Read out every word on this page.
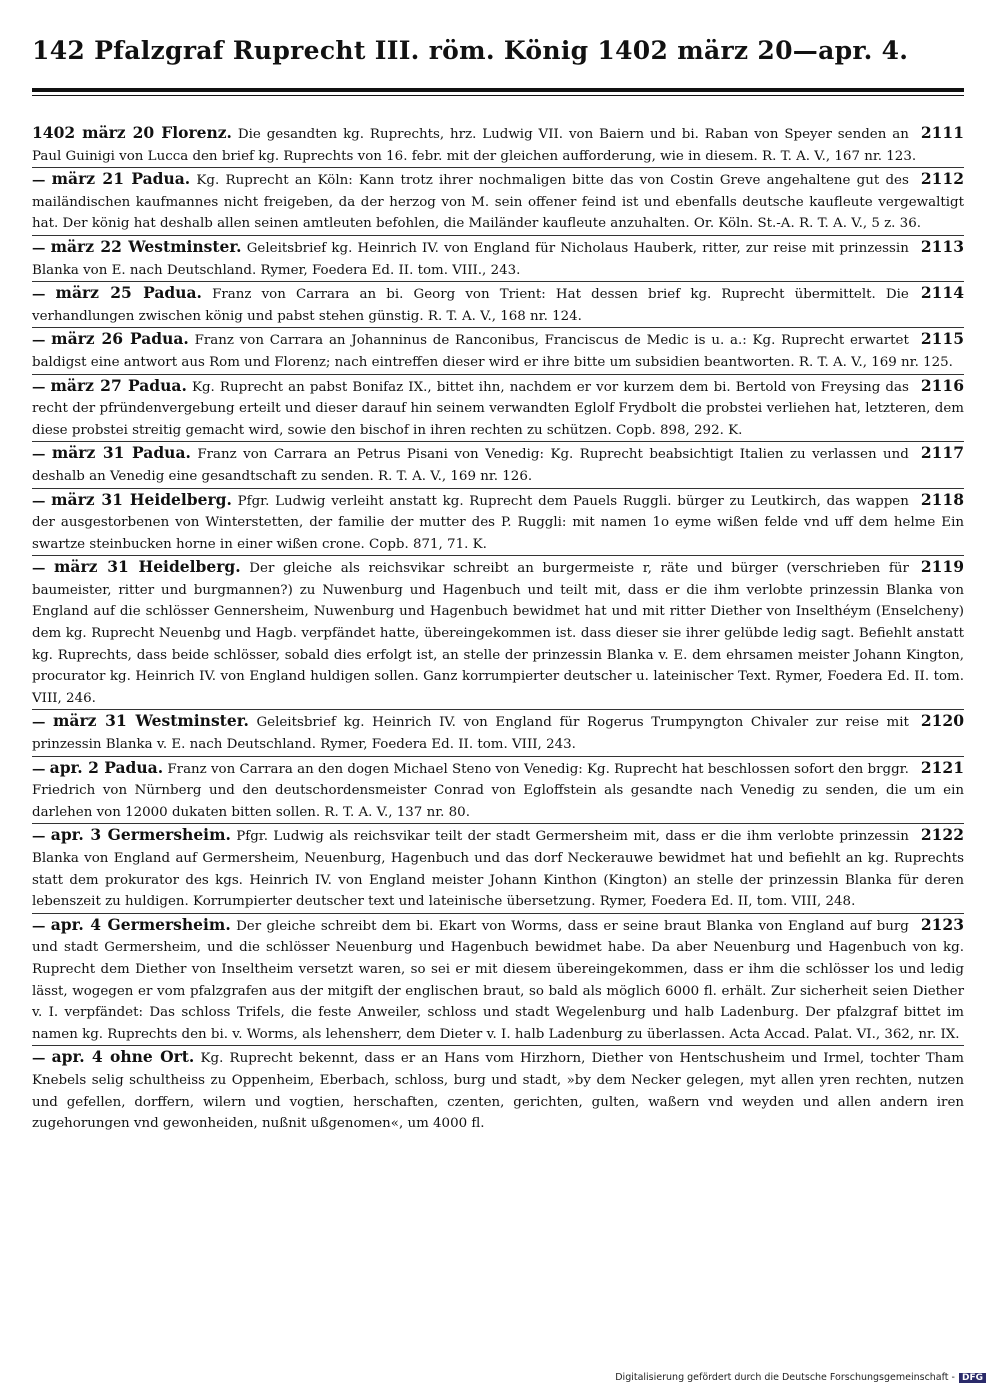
142 Pfalzgraf Ruprecht III. röm. König 1402 märz 20—apr. 4.

2111
1402 märz 20 Florenz. Die gesandten kg. Ruprechts, hrz. Ludwig VII. von Baiern und bi. Raban von Speyer senden an Paul Guinigi von Lucca den brief kg. Ruprechts von 16. febr. mit der gleichen aufforderung, wie in diesem. R. T. A. V., 167 nr. 123.

2112
— märz 21 Padua. Kg. Ruprecht an Köln: Kann trotz ihrer nochmaligen bitte das von Costin Greve angehaltene gut des mailändischen kaufmannes nicht freigeben, da der herzog von M. sein offener feind ist und ebenfalls deutsche kaufleute vergewaltigt hat. Der könig hat deshalb allen seinen amtleuten befohlen, die Mailänder kaufleute anzuhalten. Or. Köln. St.-A. R. T. A. V., 5 z. 36.

2113
— märz 22 Westminster. Geleitsbrief kg. Heinrich IV. von England für Nicholaus Hauberk, ritter, zur reise mit prinzessin Blanka von E. nach Deutschland. Rymer, Foedera Ed. II. tom. VIII., 243.

2114
— märz 25 Padua. Franz von Carrara an bi. Georg von Trient: Hat dessen brief kg. Ruprecht übermittelt. Die verhandlungen zwischen könig und pabst stehen günstig. R. T. A. V., 168 nr. 124.

2115
— märz 26 Padua. Franz von Carrara an Johanninus de Ranconibus, Franciscus de Medic is u. a.: Kg. Ruprecht erwartet baldigst eine antwort aus Rom und Florenz; nach eintreffen dieser wird er ihre bitte um subsidien beantworten. R. T. A. V., 169 nr. 125.

2116
— märz 27 Padua. Kg. Ruprecht an pabst Bonifaz IX., bittet ihn, nachdem er vor kurzem dem bi. Bertold von Freysing das recht der pfründenvergebung erteilt und dieser darauf hin seinem verwandten Eglolf Frydbolt die probstei verliehen hat, letzteren, dem diese probstei streitig gemacht wird, sowie den bischof in ihren rechten zu schützen. Copb. 898, 292. K.

2117
— märz 31 Padua. Franz von Carrara an Petrus Pisani von Venedig: Kg. Ruprecht beabsichtigt Italien zu verlassen und deshalb an Venedig eine gesandtschaft zu senden. R. T. A. V., 169 nr. 126.

2118
— märz 31 Heidelberg. Pfgr. Ludwig verleiht anstatt kg. Ruprecht dem Pauels Ruggli. bürger zu Leutkirch, das wappen der ausgestorbenen von Winterstetten, der familie der mutter des P. Ruggli: mit namen 1o eyme wißen felde vnd uff dem helme Ein swartze steinbucken horne in einer wißen crone. Copb. 871, 71. K.

2119
— märz 31 Heidelberg. Der gleiche als reichsvikar schreibt an burgermeiste r, räte und bürger (verschrieben für baumeister, ritter und burgmannen?) zu Nuwenburg und Hagenbuch und teilt mit, dass er die ihm verlobte prinzessin Blanka von England auf die schlösser Gennersheim, Nuwenburg und Hagenbuch bewidmet hat und mit ritter Diether von Inselthéym (Enselcheny) dem kg. Ruprecht Neuenbg und Hagb. verpfändet hatte, übereingekommen ist. dass dieser sie ihrer gelübde ledig sagt. Befiehlt anstatt kg. Ruprechts, dass beide schlösser, sobald dies erfolgt ist, an stelle der prinzessin Blanka v. E. dem ehrsamen meister Johann Kington, procurator kg. Heinrich IV. von England huldigen sollen. Ganz korrumpierter deutscher u. lateinischer Text. Rymer, Foedera Ed. II. tom. VIII, 246.

2120
— märz 31 Westminster. Geleitsbrief kg. Heinrich IV. von England für Rogerus Trumpyngton Chivaler zur reise mit prinzessin Blanka v. E. nach Deutschland. Rymer, Foedera Ed. II. tom. VIII, 243.

2121
— apr. 2 Padua. Franz von Carrara an den dogen Michael Steno von Venedig: Kg. Ruprecht hat beschlossen sofort den brggr. Friedrich von Nürnberg und den deutschordensmeister Conrad von Egloffstein als gesandte nach Venedig zu senden, die um ein darlehen von 12000 dukaten bitten sollen. R. T. A. V., 137 nr. 80.

2122
— apr. 3 Germersheim. Pfgr. Ludwig als reichsvikar teilt der stadt Germersheim mit, dass er die ihm verlobte prinzessin Blanka von England auf Germersheim, Neuenburg, Hagenbuch und das dorf Neckerauwe bewidmet hat und befiehlt an kg. Ruprechts statt dem prokurator des kgs. Heinrich IV. von England meister Johann Kinthon (Kington) an stelle der prinzessin Blanka für deren lebenszeit zu huldigen. Korrumpierter deutscher text und lateinische übersetzung. Rymer, Foedera Ed. II, tom. VIII, 248.

2123
— apr. 4 Germersheim. Der gleiche schreibt dem bi. Ekart von Worms, dass er seine braut Blanka von England auf burg und stadt Germersheim, und die schlösser Neuenburg und Hagenbuch bewidmet habe. Da aber Neuenburg und Hagenbuch von kg. Ruprecht dem Diether von Inseltheim versetzt waren, so sei er mit diesem übereingekommen, dass er ihm die schlösser los und ledig lässt, wogegen er vom pfalzgrafen aus der mitgift der englischen braut, so bald als möglich 6000 fl. erhält. Zur sicherheit seien Diether v. I. verpfändet: Das schloss Trifels, die feste Anweiler, schloss und stadt Wegelenburg und halb Ladenburg. Der pfalzgraf bittet im namen kg. Ruprechts den bi. v. Worms, als lehensherr, dem Dieter v. I. halb Ladenburg zu überlassen. Acta Accad. Palat. VI., 362, nr. IX.

— apr. 4 ohne Ort. Kg. Ruprecht bekennt, dass er an Hans vom Hirzhorn, Diether von Hentschusheim und Irmel, tochter Tham Knebels selig schultheiss zu Oppenheim, Eberbach, schloss, burg und stadt, »by dem Necker gelegen, myt allen yren rechten, nutzen und gefellen, dorffern, wilern und vogtien, herschaften, czenten, gerichten, gulten, waßern vnd weyden und allen andern iren zugehorungen vnd gewonheiden, nußnit ußgenomen«, um 4000 fl.

Digitalisierung gefördert durch die Deutsche Forschungsgemeinschaft - DFG
